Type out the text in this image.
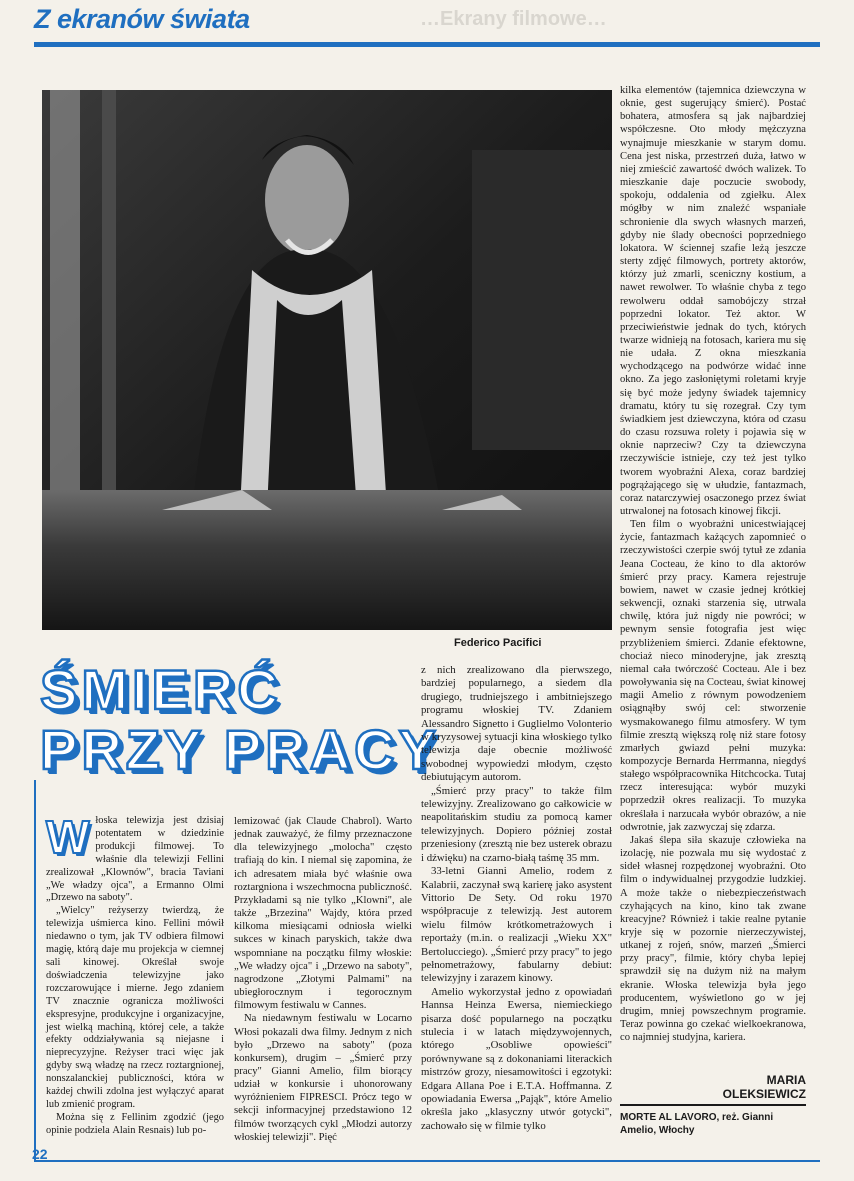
Z ekranów świata	…Ekrany filmowe…
Federico Pacifici
ŚMIERĆ
PRZY PRACY
22

Włoska telewizja jest dzisiaj potentatem w dziedzinie produkcji filmowej. To właśnie dla telewizji Fellini zrealizował „Klownów", bracia Taviani „We władzy ojca", a Ermanno Olmi „Drzewo na saboty".

„Wielcy" reżyserzy twierdzą, że telewizja uśmierca kino. Fellini mówił niedawno o tym, jak TV odbiera filmowi magię, którą daje mu projekcja w ciemnej sali kinowej. Określał swoje doświadczenia telewizyjne jako rozczarowujące i mierne. Jego zdaniem TV znacznie ogranicza możliwości ekspresyjne, produkcyjne i organizacyjne, jest wielką machiną, której cele, a także efekty oddziaływania są niejasne i nieprecyzyjne. Reżyser traci więc jak gdyby swą władzę na rzecz roztargnionej, nonszalanckiej publiczności, która w każdej chwili zdolna jest wyłączyć aparat lub zmienić program.

Można się z Fellinim zgodzić (jego opinie podzielа Alain Resnais) lub po-

lemizować (jak Claude Chabrol). Warto jednak zauważyć, że filmy przeznaczone dla telewizyjnego „molocha" często trafiają do kin. I niemal się zapomina, że ich adresatem miała być właśnie owa roztargniona i wszechmocna publiczność. Przykładami są nie tylko „Klowni", ale także „Brzezina" Wajdy, która przed kilkoma miesiącami odniosła wielki sukces w kinach paryskich, także dwa wspomniane na początku filmy włoskie: „We władzy ojca" i „Drzewo na saboty", nagrodzone „Złotymi Palmami" na ubiegłorocznym i tegorocznym filmowym festiwalu w Cannes.

Na niedawnym festiwalu w Locarno Włosi pokazali dwa filmy. Jednym z nich było „Drzewo na saboty" (poza konkursem), drugim – „Śmierć przy pracy" Gianni Amelio, film biorący udział w konkursie i uhonorowany wyróżnieniem FIPRESCI. Prócz tego w sekcji informacyjnej przedstawiono 12 filmów tworzących cykl „Młodzi autorzy włoskiej telewizji". Pięć

z nich zrealizowano dla pierwszego, bardziej popularnego, a siedem dla drugiego, trudniejszego i ambitniejszego programu włoskiej TV. Zdaniem Alessandro Signetto i Guglielmo Volonterio w kryzysowej sytuacji kina włoskiego tylko telewizja daje obecnie możliwość swobodnej wypowiedzi młodym, często debiutującym autorom.

„Śmierć przy pracy" to także film telewizyjny. Zrealizowano go całkowicie w neapolitańskim studiu za pomocą kamer telewizyjnych. Dopiero później został przeniesiony (zresztą nie bez usterek obrazu i dźwięku) na czarno-białą taśmę 35 mm.

33-letni Gianni Amelio, rodem z Kalabrii, zaczynał swą karierę jako asystent Vittorio De Sety. Od roku 1970 współpracuje z telewizją. Jest autorem wielu filmów krótkometrażowych i reportaży (m.in. o realizacji „Wieku XX" Bertolucciego). „Śmierć przy pracy" to jego pełnometrażowy, fabularny debiut: telewizyjny i zarazem kinowy.

Amelio wykorzystał jedno z opowiadań Hannsa Heinza Ewersa, niemieckiego pisarza dość popularnego na początku stulecia i w latach międzywojennych, którego „Osobliwe opowieści" porównywane są z dokonaniami literackich mistrzów grozy, niesamowitości i egzotyki: Edgara Allana Poe i E.T.A. Hoffmanna. Z opowiadania Ewersa „Pająk", które Amelio określa jako „klasyczny utwór gotycki", zachowało się w filmie tylko

kilka elementów (tajemnica dziewczyna w oknie, gest sugerujący śmierć). Postać bohatera, atmosfera są jak najbardziej współczesne. Oto młody mężczyzna wynajmuje mieszkanie w starym domu. Cena jest niska, przestrzeń duża, łatwo w niej zmieścić zawartość dwóch walizek. To mieszkanie daje poczucie swobody, spokoju, oddalenia od zgiełku. Alex mógłby w nim znaleźć wspaniałe schronienie dla swych własnych marzeń, gdyby nie ślady obecności poprzedniego lokatora. W ściennej szafie leżą jeszcze sterty zdjęć filmowych, portrety aktorów, którzy już zmarli, sceniczny kostium, a nawet rewolwer. To właśnie chyba z tego rewolweru oddał samobójczy strzał poprzedni lokator. Też aktor. W przeciwieństwie jednak do tych, których twarze widnieją na fotosach, kariera mu się nie udała. Z okna mieszkania wychodzącego na podwórze widać inne okno. Za jego zasłoniętymi roletami kryje się być może jedyny świadek tajemnicy dramatu, który tu się rozegrał. Czy tym świadkiem jest dziewczyna, która od czasu do czasu rozsuwa rolety i pojawia się w oknie naprzeciw? Czy ta dziewczyna rzeczywiście istnieje, czy też jest tylko tworem wyobraźni Alexa, coraz bardziej pogrążającego się w ułudzie, fantazmach, coraz natarczywiej osaczonego przez świat utrwalonej na fotosach kinowej fikcji.

Ten film o wyobraźni unicestwiającej życie, fantazmach każących zapomnieć o rzeczywistości czerpie swój tytuł ze zdania Jeana Cocteau, że kino to dla aktorów śmierć przy pracy. Kamera rejestruje bowiem, nawet w czasie jednej krótkiej sekwencji, oznaki starzenia się, utrwala chwilę, która już nigdy nie powróci; w pewnym sensie fotografia jest więc przybliżeniem śmierci. Zdanie efektowne, chociaż nieco minoderyjne, jak zresztą niemal cała twórczość Cocteau. Ale i bez powoływania się na Cocteau, świat kinowej magii Amelio z równym powodzeniem osiągnąłby swój cel: stworzenie wysmakowanego filmu atmosfery. W tym filmie zresztą większą rolę niż stare fotosy zmarłych gwiazd pełni muzyka: kompozycje Bernarda Herrmanna, niegdyś stałego współpracownika Hitchcocka. Tutaj rzecz interesująca: wybór muzyki poprzedził okres realizacji. To muzyka określała i narzucała wybór obrazów, a nie odwrotnie, jak zazwyczaj się zdarza.

Jakaś ślepa siła skazuje człowieka na izolację, nie pozwala mu się wydostać z sideł własnej rozpędzonej wyobraźni. Oto film o indywidualnej przygodzie ludzkiej. A może także o niebezpieczeństwach czyhających na kino, kino tak zwane kreacyjne? Również i takie realne pytanie kryje się w pozornie nierzeczywistej, utkanej z rojeń, snów, marzeń „Śmierci przy pracy", filmie, który chyba lepiej sprawdził się na dużym niż na małym ekranie. Włoska telewizja była jego producentem, wyświetlono go w jej drugim, mniej powszechnym programie. Teraz powinna go czekać wielkoekranowa, co najmniej studyjna, kariera.

MARIA
OLEKSIEWICZ
MORTE AL LAVORO, reż. Gianni Amelio, Włochy
